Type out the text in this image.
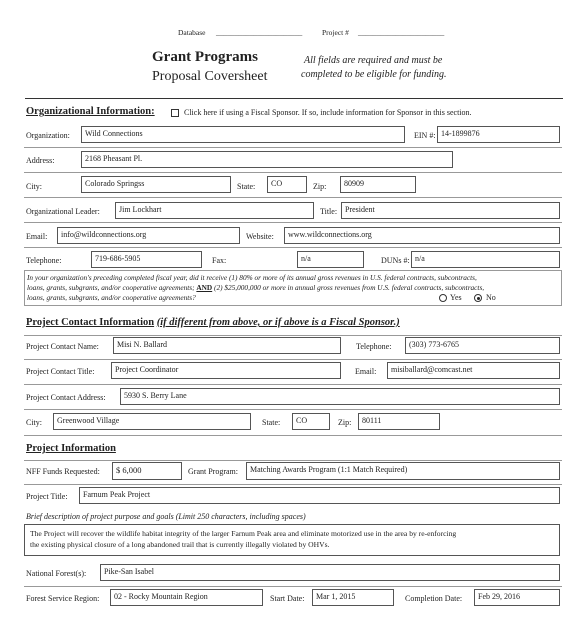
Database _______________________	Project # _______________________
Grant Programs
Proposal Coversheet
All fields are required and must be
completed to be eligible for funding.
Organizational Information:	Click here if using a Fiscal Sponsor. If so, include information for Sponsor in this section.
Organization:	Wild Connections	EIN #: 14-1899876
Address:	2168 Pheasant Pl.
City:	Colorado Springss	State:	CO	Zip:	80909
Organizational Leader:	Jim Lockhart	Title: President
Email:	info@wildconnections.org	Website:	www.wildconnections.org
Telephone:	719-686-5905	Fax:	n/a	DUNs #: n/a
In your organization's preceding completed fiscal year, did it receive (1) 80% or more of its annual gross revenues in U.S. federal contracts, subcontracts,
loans, grants, subgrants, and/or cooperative agreements; AND (2) $25,000,000 or more in annual gross revenues from U.S. federal contracts, subcontracts,
loans, grants, subgrants, and/or cooperative agreements?	Yes	No
Project Contact Information (if different from above, or if above is a Fiscal Sponsor.)
Project Contact Name:	Misi N. Ballard	Telephone:	(303) 773-6765
Project Contact Title:	Project Coordinator	Email:	misiballard@comcast.net
Project Contact Address:	5930 S. Berry Lane
City:	Greenwood Village	State:	CO	Zip:	80111
Project Information
NFF Funds Requested:	$ 6,000	Grant Program:	Matching Awards Program (1:1 Match Required)
Project Title:	Farnum Peak Project
Brief description of project purpose and goals (Limit 250 characters, including spaces)
The Project will recover the wildlife habitat integrity of the larger Farnum Peak area and eliminate motorized use in the area by re-enforcing
the existing physical closure of a long abandoned trail that is currently illegally violated by OHVs.
National Forest(s):	Pike-San Isabel
Forest Service Region:	02 - Rocky Mountain Region	Start Date:	Mar 1, 2015	Completion Date:	Feb 29, 2016
